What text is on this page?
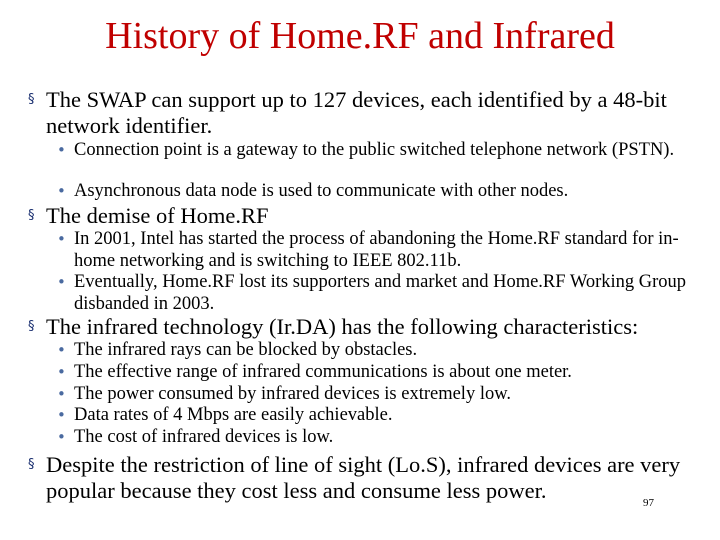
History of Home.RF and Infrared
§ The SWAP can support up to 127 devices, each identified by a 48-bit network identifier.
• Connection point is a gateway to the public switched telephone network (PSTN).
• Asynchronous data node is used to communicate with other nodes.
§ The demise of Home.RF
• In 2001, Intel has started the process of abandoning the Home.RF standard for in-home networking and is switching to IEEE 802.11b.
• Eventually, Home.RF lost its supporters and market and Home.RF Working Group disbanded in 2003.
§ The infrared technology (Ir.DA) has the following characteristics:
• The infrared rays can be blocked by obstacles.
• The effective range of infrared communications is about one meter.
• The power consumed by infrared devices is extremely low.
• Data rates of 4 Mbps are easily achievable.
• The cost of infrared devices is low.
§ Despite the restriction of line of sight (Lo.S), infrared devices are very popular because they cost less and consume less power.	97
